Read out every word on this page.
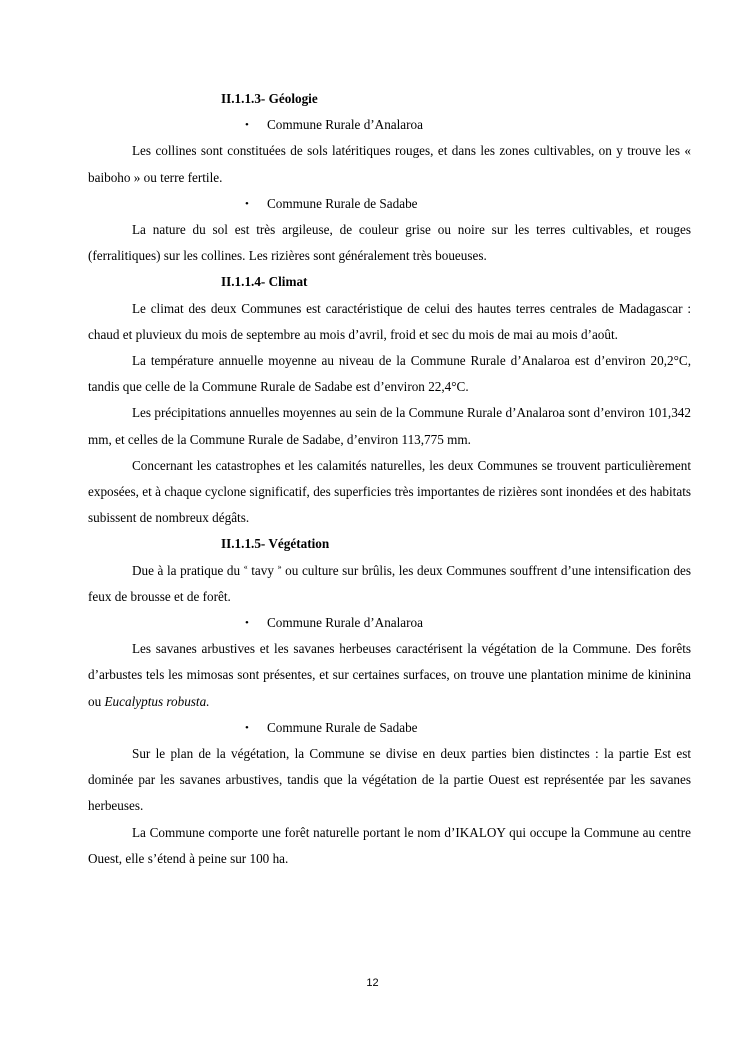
II.1.1.3- Géologie
•	Commune Rurale d’Analaroa

Les collines sont constituées de sols latéritiques rouges, et dans les zones cultivables, on y trouve les « baiboho » ou terre fertile.

•	Commune Rurale de Sadabe

La nature du sol est très argileuse, de couleur grise ou noire sur les terres cultivables, et rouges (ferralitiques) sur les collines. Les rizières sont généralement très boueuses.

II.1.1.4- Climat

Le climat des deux Communes est caractéristique de celui des hautes terres centrales de Madagascar : chaud et pluvieux du mois de septembre au mois d’avril, froid et sec du mois de mai au mois d’août.

La température annuelle moyenne au niveau de la Commune Rurale d’Analaroa est d’environ 20,2°C, tandis que celle de la Commune Rurale de Sadabe est d’environ 22,4°C.

Les précipitations annuelles moyennes au sein de la Commune Rurale d’Analaroa sont d’environ 101,342 mm, et celles de la Commune Rurale de Sadabe, d’environ 113,775 mm.

Concernant les catastrophes et les calamités naturelles, les deux Communes se trouvent particulièrement exposées, et à chaque cyclone significatif, des superficies très importantes de rizières sont inondées et des habitats subissent de nombreux dégâts.

II.1.1.5- Végétation

Due à la pratique du « tavy » ou culture sur brûlis, les deux Communes souffrent d’une intensification des feux de brousse et de forêt.

•	Commune Rurale d’Analaroa

Les savanes arbustives et les savanes herbeuses caractérisent la végétation de la Commune. Des forêts d’arbustes tels les mimosas sont présentes, et sur certaines surfaces, on trouve une plantation minime de kininina ou Eucalyptus robusta.

•	Commune Rurale de Sadabe

Sur le plan de la végétation, la Commune se divise en deux parties bien distinctes : la partie Est est dominée par les savanes arbustives, tandis que la végétation de la partie Ouest est représentée par les savanes herbeuses.

La Commune comporte une forêt naturelle portant le nom d’IKALOY qui occupe la Commune au centre Ouest, elle s’étend à peine sur 100 ha.

12
